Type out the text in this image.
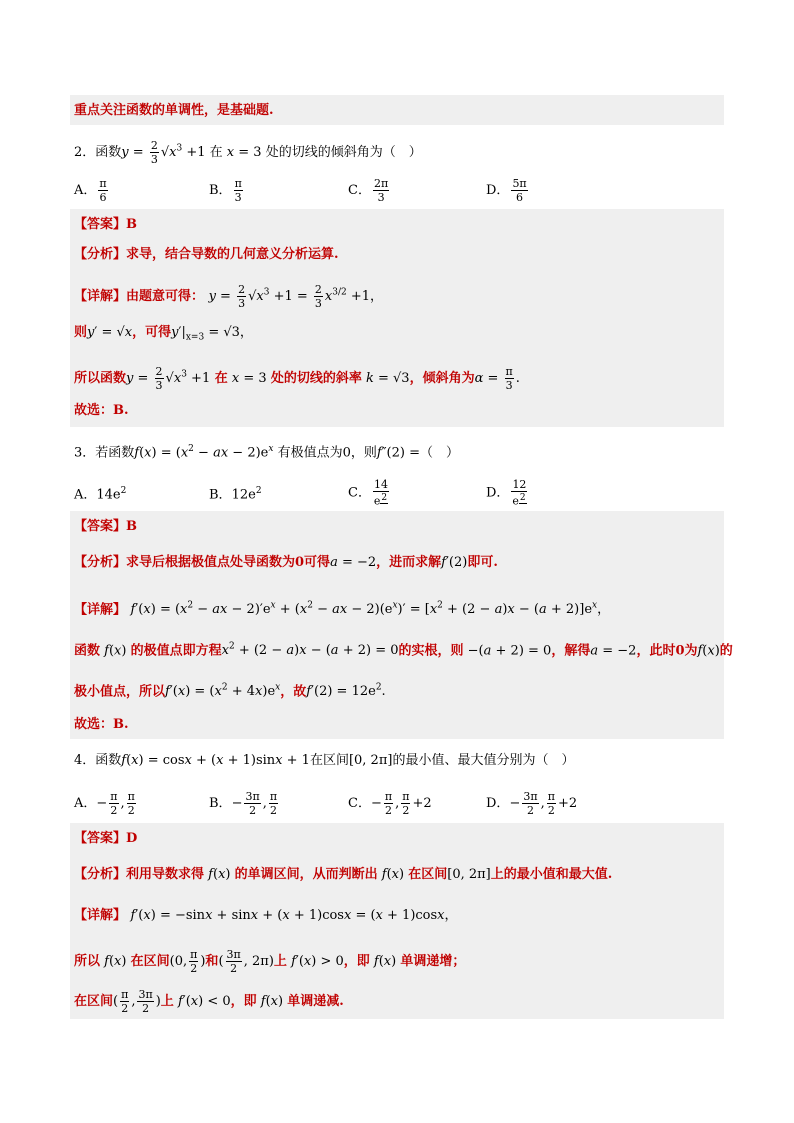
重点关注函数的单调性，是基础题.
2．函数$y = \frac{2}{3} √x^3 +1$ 在 x = 3 处的切线的倾斜角为（　）
A． $\frac{\pi}{6}$	B． $\frac{\pi}{3}$	C． $\frac{2\pi}{3}$	D． $\frac{5\pi}{6}$
【答案】B
【分析】求导，结合导数的几何意义分析运算.
【详解】由题意可得： $y = \frac{2}{3} √x^3 +1 = \frac{2}{3} x^{3/2} +1$，
则y′ = √x，可得$y'|_{x=3} = √3$，
所以函数$y = \frac{2}{3} √x^3 +1$ 在 x = 3 处的切线的斜率 k = √3，倾斜角为$\alpha = \frac{\pi}{3}$ .
故选：B.
3．若函数$f(x) = (x^2$ − ax − $2)e^x$ 有极值点为0，则f″(2) =（　）
A．$14e^2$	B．$12e^2$	C． $\frac{14}{e^2}$	D． $\frac{12}{e^2}$
【答案】B
【分析】求导后根据极值点处导函数为0可得a = −2，进而求解f′(2)即可.
【详解】 $f'(x) = (x^2$ − ax − $2)'e^x + (x^2$ − ax − $2)(e^x)' = [x^2 + (2 - a)x - (a + 2)]e^x$，
函数 f(x) 的极值点即方程$x^2 + (2 - a)x - (a + 2) = 0$的实根，则 −(a + 2) = 0，解得a = −2，此时0为f(x)的
极小值点，所以$f'(x) = (x^2 + 4x)e^x$，故$f'(2) = 12e^2$.
故选：B.
4．函数f(x) = cosx + (x + 1)sinx + 1在区间[0, 2π]的最小值、最大值分别为（　）
A．− $\frac{\pi}{2}$ , $\frac{\pi}{2}$	B．− $\frac{3\pi}{2}$ , $\frac{\pi}{2}$	C．− $\frac{\pi}{2}$ , $\frac{\pi}{2} +2$	D．− $\frac{3\pi}{2}$ , $\frac{\pi}{2} +2$
【答案】D
【分析】利用导数求得 f(x) 的单调区间，从而判断出 f(x) 在区间[0, 2π]上的最小值和最大值.
【详解】 f′(x) = −sinx + sinx + (x + 1)cosx = (x + 1)cosx，
所以 f(x) 在区间(0, $\frac{\pi}{2}$ )和( $\frac{3\pi}{2}$ , 2π)上 f′(x) > 0，即 f(x) 单调递增；
在区间( $\frac{\pi}{2}$ , $\frac{3\pi}{2}$ )上 f′(x) < 0，即 f(x) 单调递减.
